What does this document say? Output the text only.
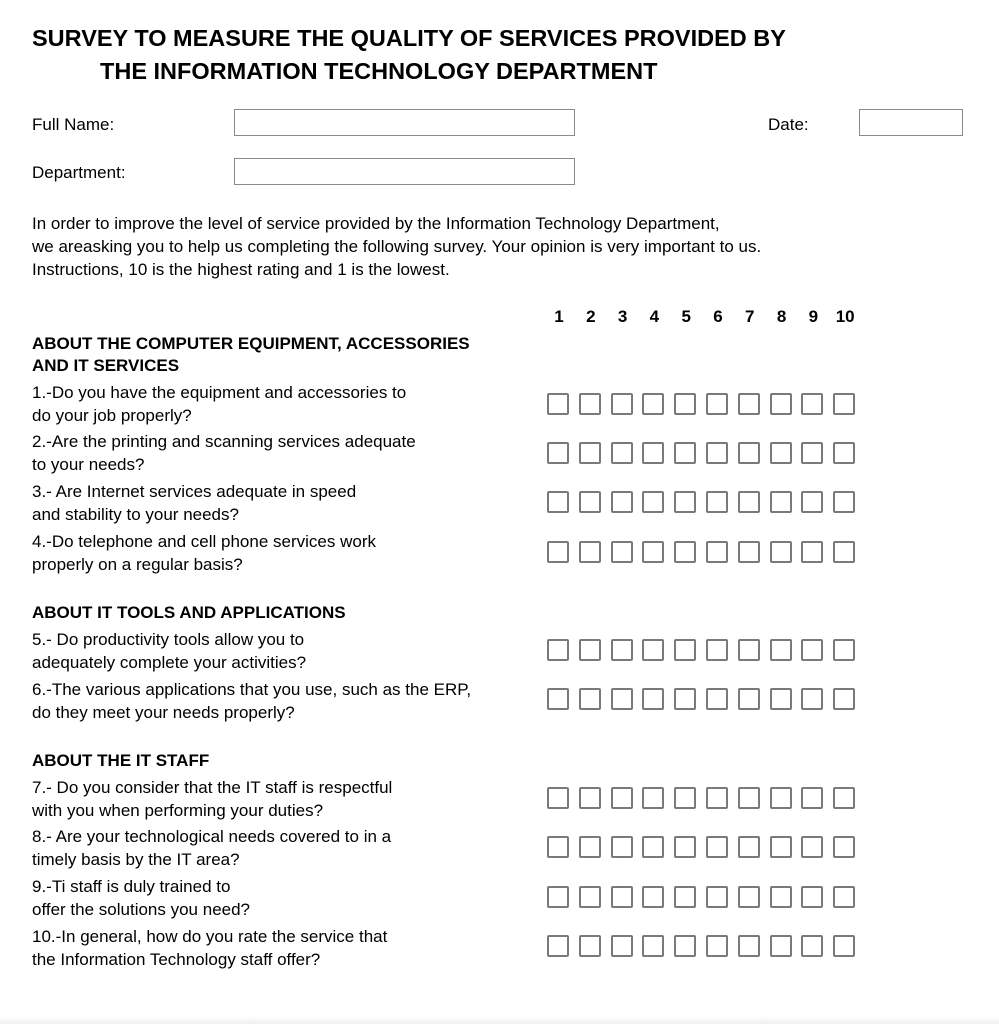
SURVEY TO MEASURE THE QUALITY OF SERVICES PROVIDED BY
THE INFORMATION TECHNOLOGY DEPARTMENT
Full Name:	Date:
Department:
In order to improve the level of service provided by the Information Technology Department,
we areasking you to help us completing the following survey. Your opinion is very important to us.
Instructions, 10 is the highest rating and 1 is the lowest.
1	2	3	4	5	6	7	8	9	10
ABOUT THE COMPUTER EQUIPMENT, ACCESSORIES
AND IT SERVICES
1.-Do you have the equipment and accessories to
do your job properly?
2.-Are the printing and scanning services adequate
to your needs?
3.- Are Internet services adequate in speed
and stability to your needs?
4.-Do telephone and cell phone services work
properly on a regular basis?
ABOUT IT TOOLS AND APPLICATIONS
5.- Do productivity tools allow you to
adequately complete your activities?
6.-The various applications that you use, such as the ERP,
do they meet your needs properly?
ABOUT THE IT STAFF
7.- Do you consider that the IT staff is respectful
with you when performing your duties?
8.- Are your technological needs covered to in a
timely basis by the IT area?
9.-Ti staff is duly trained to
offer the solutions you need?
10.-In general, how do you rate the service that
the Information Technology staff offer?
